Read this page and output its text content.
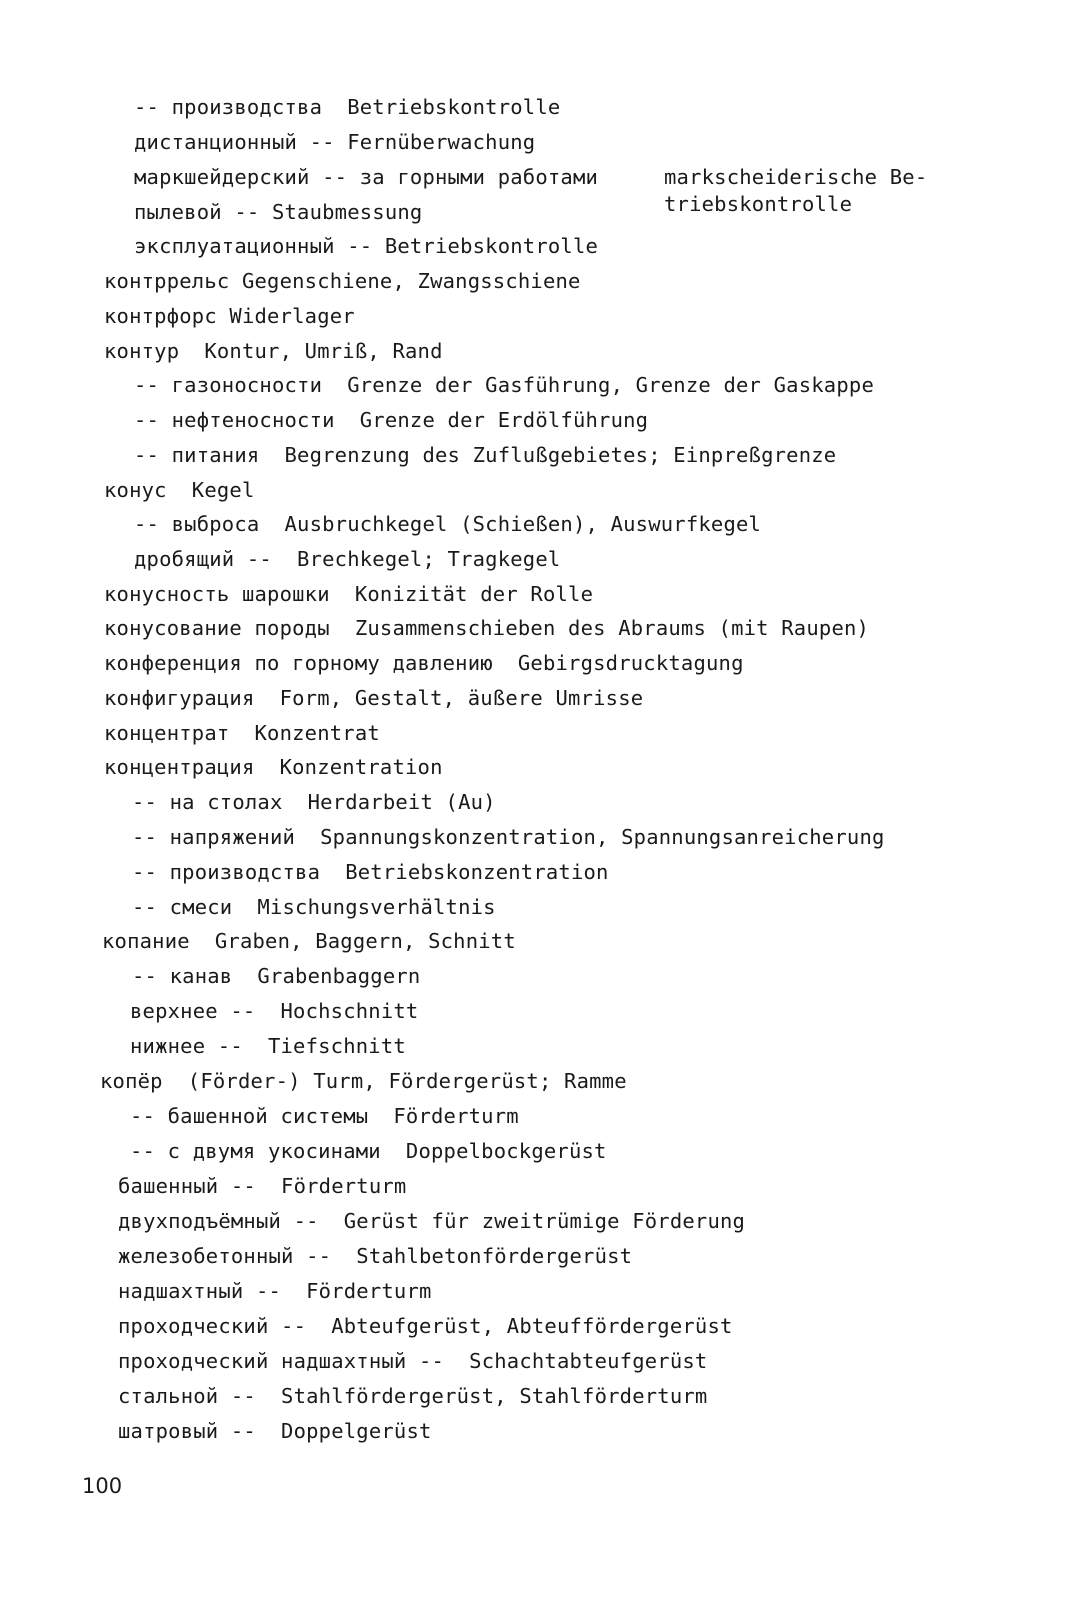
-- производства  Betriebskontrolle
дистанционный -- Fernüberwachung
маркшейдерский -- за горными работами	markscheiderische Be-
triebskontrolle
пылевой -- Staubmessung
эксплуатационный -- Betriebskontrolle
контррельс Gegenschiene, Zwangsschiene
контрфорс Widerlager
контур  Kontur, Umriß, Rand
-- газоносности  Grenze der Gasführung, Grenze der Gaskappe
-- нефтеносности  Grenze der Erdölführung
-- питания  Begrenzung des Zuflußgebietes; Einpreßgrenze
конус  Kegel
-- выброса  Ausbruchkegel (Schießen), Auswurfkegel
дробящий --  Brechkegel; Tragkegel
конусность шарошки  Konizität der Rolle
конусование породы  Zusammenschieben des Abraums (mit Raupen)
конференция по горному давлению  Gebirgsdrucktagung
конфигурация  Form, Gestalt, äußere Umrisse
концентрат  Konzentrat
концентрация  Konzentration
-- на столах  Herdarbeit (Au)
-- напряжений  Spannungskonzentration, Spannungsanreicherung
-- производства  Betriebskonzentration
-- смеси  Mischungsverhältnis
копание  Graben, Baggern, Schnitt
-- канав  Grabenbaggern
верхнее --  Hochschnitt
нижнее --  Tiefschnitt
копёр  (Förder-) Turm, Fördergerüst; Ramme
-- башенной системы  Förderturm
-- с двумя укосинами  Doppelbockgerüst
башенный --  Förderturm
двухподъёмный --  Gerüst für zweitrümige Förderung
железобетонный --  Stahlbetonfördergerüst
надшахтный --  Förderturm
проходческий --  Abteufgerüst, Abteuffördergerüst
проходческий надшахтный --  Schachtabteufgerüst
стальной --  Stahlfördergerüst, Stahlförderturm
шатровый --  Doppelgerüst
100
